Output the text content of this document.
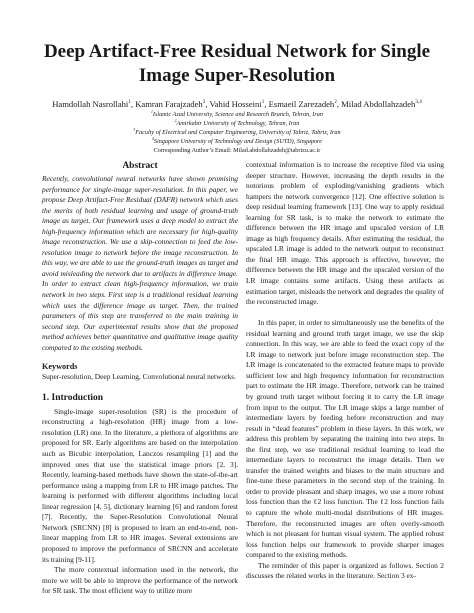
Deep Artifact-Free Residual Network for Single Image Super-Resolution
Hamdollah Nasrollahi$^1$, Kamran Farajzadeh$^2$, Vahid Hosseini$^1$, Esmaeil Zarezadeh$^2$, Milad Abdollahzadeh$^{3,4}$
$^1$Islamic Azad University, Science and Research Branch, Tehran, Iran
$^2$Amirkabir University of Technology, Tehran, Iran
$^3$Faculty of Electrical and Computer Engineering, University of Tabriz, Tabriz, Iran
$^4$Singapore University of Technology and Design (SUTD), Singapore
Corresponding Author’s Email: Milad.abdollahzadeh@tabrizu.ac.ir
Abstract

Recently, convolutional neural networks have shown promising performance for single-image super-resolution. In this paper, we propose Deep Artifact-Free Residual (DAFR) network which uses the merits of both residual learning and usage of ground-truth image as target. Our framework uses a deep model to extract the high-frequency information which are necessary for high-quality image reconstruction. We use a skip-connection to feed the low-resolution image to network before the image reconstruction. In this way, we are able to use the ground-truth images as target and avoid misleading the network due to artifacts in difference image. In order to extract clean high-frequency information, we train network in two steps. First step is a traditional residual learning which uses the difference image as target. Then, the trained parameters of this step are transferred to the main training in second step. Our experimental results show that the proposed method achieves better quantitative and qualitative image quality compared to the existing methods.

Keywords

Super-resolution, Deep Learning, Convolutional neural networks.

1. Introduction

Single-image super-resolution (SR) is the procedure of reconstructing a high-resolution (HR) image from a low-resolution (LR) one. In the literature, a plethora of algorithms are proposed for SR. Early algorithms are based on the interpolation such as Bicubic interpolation, Lanczos resampling [1] and the improved ones that use the statistical image priors [2, 3]. Recently, learning-based methods have shown the state-of-the-art performance using a mapping from LR to HR image patches. The learning is performed with different algorithms including local linear regression [4, 5], dictionary learning [6] and random forest [7]. Recently, the Super-Resolution Convolutional Neural Network (SRCNN) [8] is proposed to learn an end-to-end, non-linear mapping from LR to HR images. Several extensions are proposed to improve the performance of SRCNN and accelerate its training [9-11].

The more contextual information used in the network, the more we will be able to improve the performance of the network for SR task. The most efficient way to utilize more

contextual information is to increase the receptive filed via using deeper structure. However, increasing the depth results in the notorious problem of exploding/vanishing gradients which hampers the network convergence [12]. One effective solution is deep residual learning framework [13]. One way to apply residual learning for SR task, is to make the network to estimate the difference between the HR image and upscaled version of LR image as high frequency details. After estimating the residual, the upscaled LR image is added to the network output to reconstruct the final HR image. This approach is effective, however, the difference between the HR image and the upscaled version of the LR image contains some artifacts. Using these artifacts as estimation target, misleads the network and degrades the quality of the reconstructed image.

In this paper, in order to simultaneously use the benefits of the residual learning and ground truth target image, we use the skip connection. In this way, we are able to feed the exact copy of the LR image to network just before image reconstruction step. The LR image is concatenated to the extracted feature maps to provide sufficient low and high frequency information for reconstruction part to estimate the HR image. Therefore, network can be trained by ground truth target without forcing it to carry the LR image from input to the output. The LR image skips a large number of intermediate layers by feeding before reconstruction and may result in “dead features” problem in these layers. In this work, we address this problem by separating the training into two steps. In the first step, we use traditional residual learning to lead the intermediate layers to reconstruct the image details. Then we transfer the trained weights and biases to the main structure and fine-tune these parameters in the second step of the training. In order to provide pleasant and sharp images, we use a more robust loss function than the ℓ2 loss function. The ℓ2 loss function fails to capture the whole multi-modal distributions of HR images. Therefore, the reconstructed images are often overly-smooth which is not pleasant for human visual system. The applied robust loss function helps our framework to provide sharper images compared to the existing methods.

The reminder of this paper is organized as follows. Section 2 discusses the related works in the literature. Section 3 ex-
